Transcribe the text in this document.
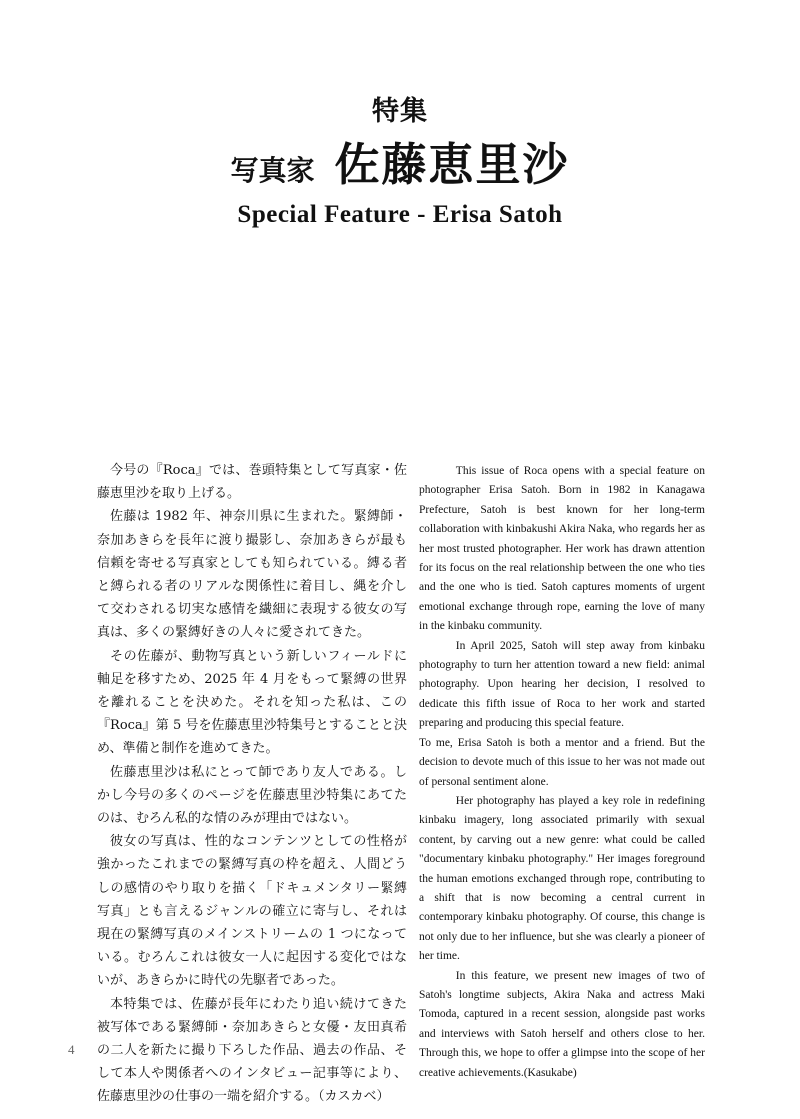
特集
写真家 佐藤恵里沙
Special Feature - Erisa Satoh

今号の『Roca』では、巻頭特集として写真家・佐藤恵里沙を取り上げる。

佐藤は 1982 年、神奈川県に生まれた。緊縛師・奈加あきらを長年に渡り撮影し、奈加あきらが最も信頼を寄せる写真家としても知られている。縛る者と縛られる者のリアルな関係性に着目し、縄を介して交わされる切実な感情を繊細に表現する彼女の写真は、多くの緊縛好きの人々に愛されてきた。

その佐藤が、動物写真という新しいフィールドに軸足を移すため、2025 年 4 月をもって緊縛の世界を離れることを決めた。それを知った私は、この『Roca』第 5 号を佐藤恵里沙特集号とすることと決め、準備と制作を進めてきた。

佐藤恵里沙は私にとって師であり友人である。しかし今号の多くのページを佐藤恵里沙特集にあてたのは、むろん私的な情のみが理由ではない。

彼女の写真は、性的なコンテンツとしての性格が強かったこれまでの緊縛写真の枠を超え、人間どうしの感情のやり取りを描く「ドキュメンタリー緊縛写真」とも言えるジャンルの確立に寄与し、それは現在の緊縛写真のメインストリームの 1 つになっている。むろんこれは彼女一人に起因する変化ではないが、あきらかに時代の先駆者であった。

本特集では、佐藤が長年にわたり追い続けてきた被写体である緊縛師・奈加あきらと女優・友田真希の二人を新たに撮り下ろした作品、過去の作品、そして本人や関係者へのインタビュー記事等により、佐藤恵里沙の仕事の一端を紹介する。（カスカベ）

This issue of Roca opens with a special feature on photographer Erisa Satoh. Born in 1982 in Kanagawa Prefecture, Satoh is best known for her long-term collaboration with kinbakushi Akira Naka, who regards her as her most trusted photographer. Her work has drawn attention for its focus on the real relationship between the one who ties and the one who is tied. Satoh captures moments of urgent emotional exchange through rope, earning the love of many in the kinbaku community.

In April 2025, Satoh will step away from kinbaku photography to turn her attention toward a new field: animal photography. Upon hearing her decision, I resolved to dedicate this fifth issue of Roca to her work and started preparing and producing this special feature.

To me, Erisa Satoh is both a mentor and a friend. But the decision to devote much of this issue to her was not made out of personal sentiment alone.

Her photography has played a key role in redefining kinbaku imagery, long associated primarily with sexual content, by carving out a new genre: what could be called "documentary kinbaku photography." Her images foreground the human emotions exchanged through rope, contributing to a shift that is now becoming a central current in contemporary kinbaku photography. Of course, this change is not only due to her influence, but she was clearly a pioneer of her time.

In this feature, we present new images of two of Satoh's longtime subjects, Akira Naka and actress Maki Tomoda, captured in a recent session, alongside past works and interviews with Satoh herself and others close to her. Through this, we hope to offer a glimpse into the scope of her creative achievements.(Kasukabe)

4
